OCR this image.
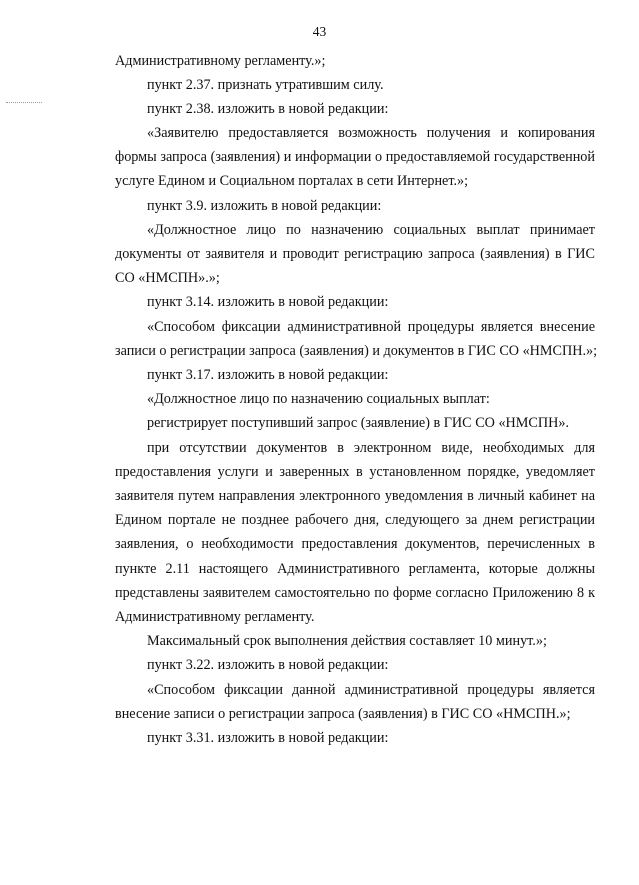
43
Административному регламенту.»;
пункт 2.37. признать утратившим силу.
пункт 2.38. изложить в новой редакции:
«Заявителю предоставляется возможность получения и копирования
формы запроса (заявления) и информации о предоставляемой государственной
услуге Едином и Социальном порталах в сети Интернет.»;
пункт 3.9. изложить в новой редакции:
«Должностное лицо по назначению социальных выплат принимает
документы от заявителя и проводит регистрацию запроса (заявления) в ГИС
СО «НМСПН».»;
пункт 3.14. изложить в новой редакции:
«Способом фиксации административной процедуры является внесение
записи о регистрации запроса (заявления) и документов в ГИС СО «НМСПН.»;
пункт 3.17. изложить в новой редакции:
«Должностное лицо по назначению социальных выплат:
регистрирует поступивший запрос (заявление) в ГИС СО «НМСПН».
при отсутствии документов в электронном виде, необходимых для
предоставления услуги и заверенных в установленном порядке, уведомляет
заявителя путем направления электронного уведомления в личный кабинет на
Едином портале не позднее рабочего дня, следующего за днем регистрации
заявления, о необходимости предоставления документов, перечисленных в
пункте 2.11 настоящего Административного регламента, которые должны
представлены заявителем самостоятельно по форме согласно Приложению 8 к
Административному регламенту.
Максимальный срок выполнения действия составляет 10 минут.»;
пункт 3.22. изложить в новой редакции:
«Способом фиксации данной административной процедуры является
внесение записи о регистрации запроса (заявления) в ГИС СО «НМСПН.»;
пункт 3.31. изложить в новой редакции:
